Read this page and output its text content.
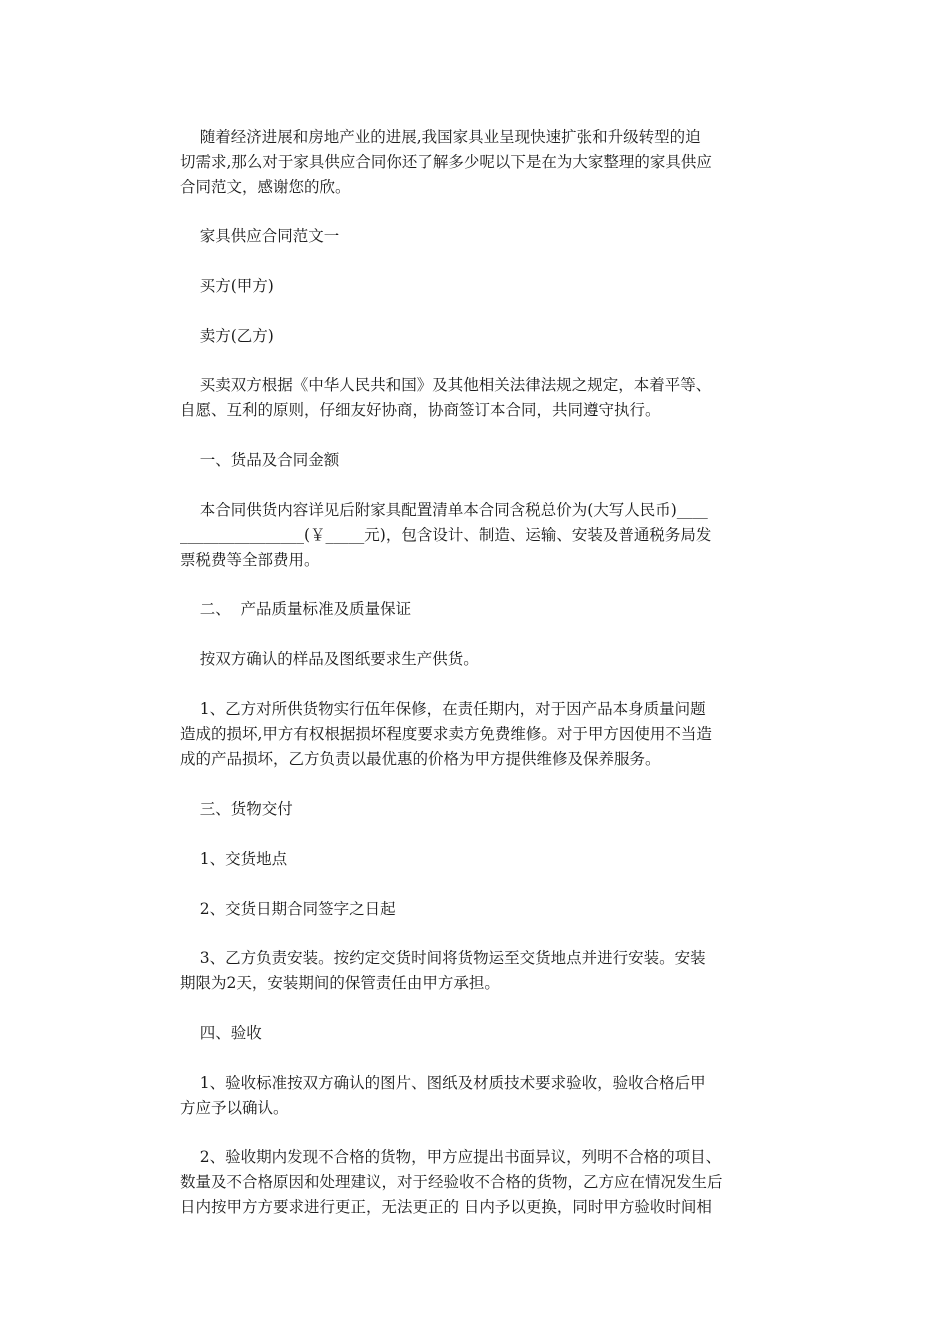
随着经济进展和房地产业的进展,我国家具业呈现快速扩张和升级转型的迫
切需求,那么对于家具供应合同你还了解多少呢以下是在为大家整理的家具供应
合同范文，感谢您的欣。

家具供应合同范文一

买方(甲方)

卖方(乙方)

买卖双方根据《中华人民共和国》及其他相关法律法规之规定，本着平等、
自愿、互利的原则，仔细友好协商，协商签订本合同，共同遵守执行。

一、货品及合同金额

本合同供货内容详见后附家具配置清单本合同含税总价为(大写人民币)____
________________(￥_____元)，包含设计、制造、运输、安装及普通税务局发
票税费等全部费用。

二、  产品质量标准及质量保证

按双方确认的样品及图纸要求生产供货。

1、乙方对所供货物实行伍年保修，在责任期内，对于因产品本身质量问题
造成的损坏,甲方有权根据损坏程度要求卖方免费维修。对于甲方因使用不当造
成的产品损坏，乙方负责以最优惠的价格为甲方提供维修及保养服务。

三、货物交付

1、交货地点

2、交货日期合同签字之日起

3、乙方负责安装。按约定交货时间将货物运至交货地点并进行安装。安装
期限为2天，安装期间的保管责任由甲方承担。

四、验收

1、验收标准按双方确认的图片、图纸及材质技术要求验收，验收合格后甲
方应予以确认。

2、验收期内发现不合格的货物，甲方应提出书面异议，列明不合格的项目、
数量及不合格原因和处理建议，对于经验收不合格的货物，乙方应在情况发生后
日内按甲方方要求进行更正，无法更正的 日内予以更换，同时甲方验收时间相
